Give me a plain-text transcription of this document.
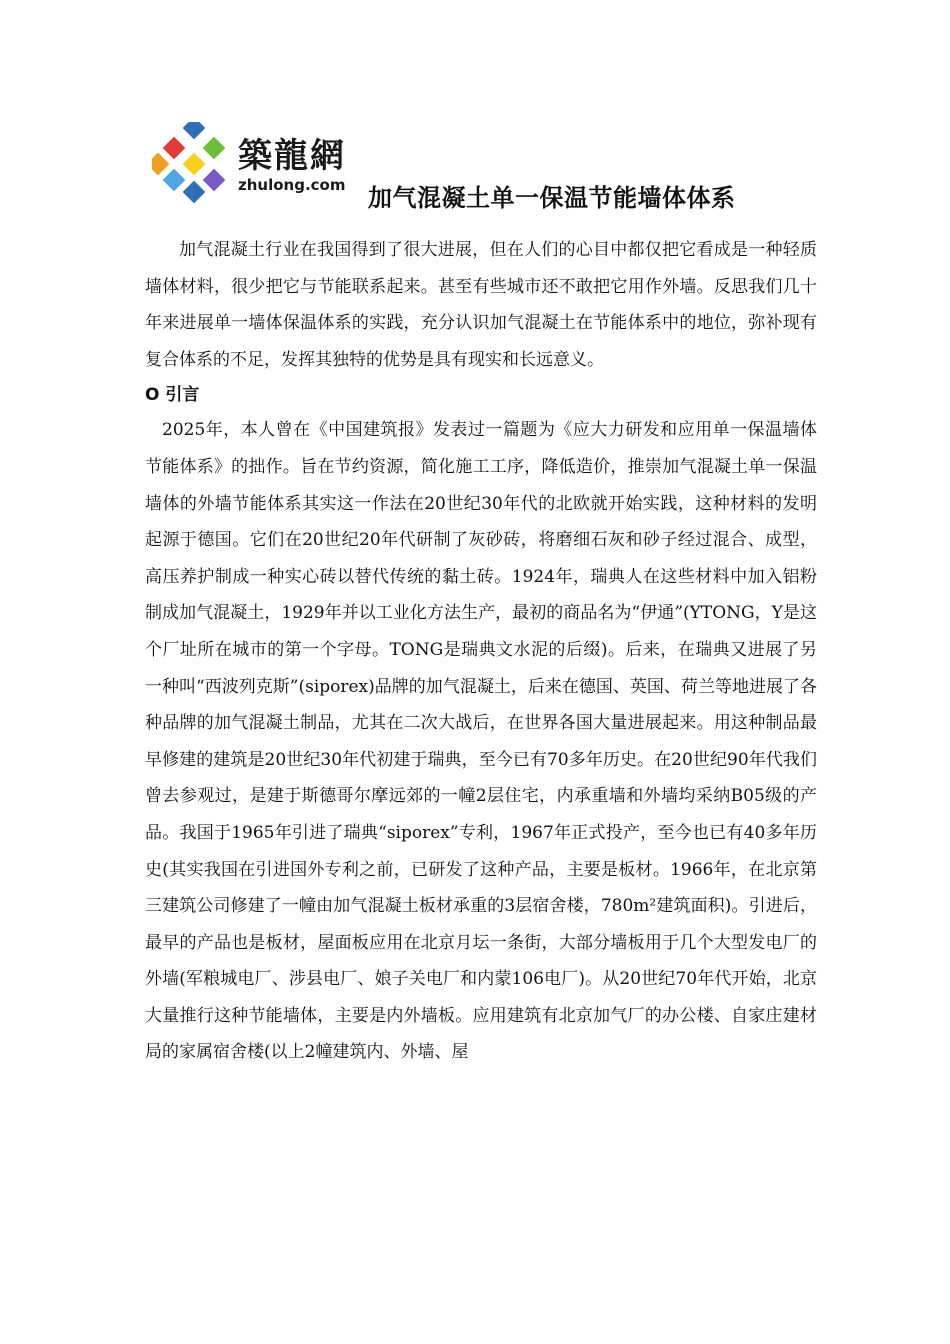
築龍網
zhulong.com 加气混凝土单一保温节能墙体体系

加气混凝土行业在我国得到了很大进展，但在人们的心目中都仅把它看成是一种轻质墙体材料，很少把它与节能联系起来。甚至有些城市还不敢把它用作外墙。反思我们几十年来进展单一墙体保温体系的实践，充分认识加气混凝土在节能体系中的地位，弥补现有复合体系的不足，发挥其独特的优势是具有现实和长远意义。

O 引言

2025年，本人曾在《中国建筑报》发表过一篇题为《应大力研发和应用单一保温墙体节能体系》的拙作。旨在节约资源，简化施工工序，降低造价，推崇加气混凝土单一保温墙体的外墙节能体系其实这一作法在20世纪30年代的北欧就开始实践，这种材料的发明起源于德国。它们在20世纪20年代研制了灰砂砖，将磨细石灰和砂子经过混合、成型，高压养护制成一种实心砖以替代传统的黏土砖。1924年，瑞典人在这些材料中加入铝粉制成加气混凝土，1929年并以工业化方法生产，最初的商品名为“伊通”(YTONG，Y是这个厂址所在城市的第一个字母。TONG是瑞典文水泥的后缀)。后来，在瑞典又进展了另一种叫“西波列克斯”(siporex)品牌的加气混凝土，后来在德国、英国、荷兰等地进展了各种品牌的加气混凝土制品，尤其在二次大战后，在世界各国大量进展起来。用这种制品最早修建的建筑是20世纪30年代初建于瑞典，至今已有70多年历史。在20世纪90年代我们曾去参观过，是建于斯德哥尔摩远郊的一幢2层住宅，内承重墙和外墙均采纳B05级的产品。我国于1965年引进了瑞典“siporex”专利，1967年正式投产，至今也已有40多年历史(其实我国在引进国外专利之前，已研发了这种产品，主要是板材。1966年，在北京第三建筑公司修建了一幢由加气混凝土板材承重的3层宿舍楼，780m²建筑面积)。引进后，最早的产品也是板材，屋面板应用在北京月坛一条街，大部分墙板用于几个大型发电厂的外墙(军粮城电厂、涉县电厂、娘子关电厂和内蒙106电厂)。从20世纪70年代开始，北京大量推行这种节能墙体，主要是内外墙板。应用建筑有北京加气厂的办公楼、自家庄建材局的家属宿舍楼(以上2幢建筑内、外墙、屋
